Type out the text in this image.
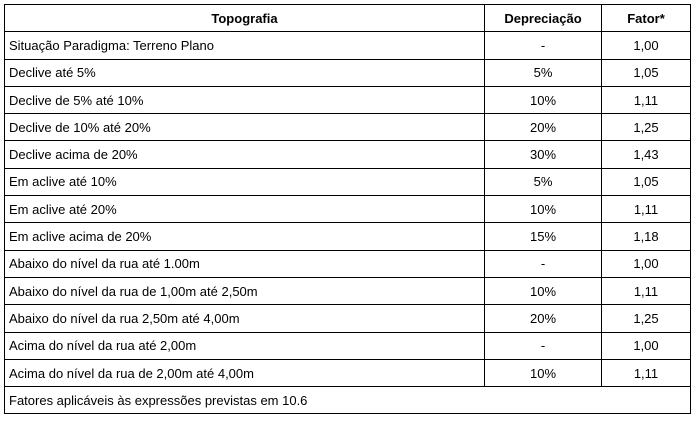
Topografia	Depreciação	Fator*
Situação Paradigma: Terreno Plano	-	1,00
Declive até 5%	5%	1,05
Declive de 5% até 10%	10%	1,11
Declive de 10% até 20%	20%	1,25
Declive acima de 20%	30%	1,43
Em aclive até 10%	5%	1,05
Em aclive até 20%	10%	1,11
Em aclive acima de 20%	15%	1,18
Abaixo do nível da rua até 1.00m	-	1,00
Abaixo do nível da rua de 1,00m até 2,50m	10%	1,11
Abaixo do nível da rua 2,50m até 4,00m	20%	1,25
Acima do nível da rua até 2,00m	-	1,00
Acima do nível da rua de 2,00m até 4,00m	10%	1,11
Fatores aplicáveis às expressões previstas em 10.6		
